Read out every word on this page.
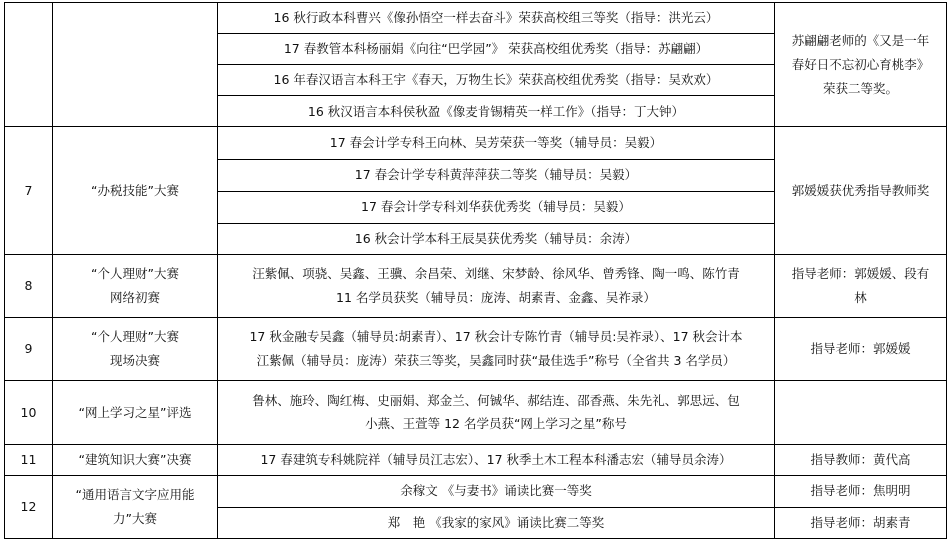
		16 秋行政本科曹兴《像孙悟空一样去奋斗》荣获高校组三等奖（指导：洪光云）	苏翩翩老师的《又是一年
春好日不忘初心育桃李》
荣获二等奖。

		17 春教管本科杨丽娟《向往“巴学园”》 荣获高校组优秀奖（指导：苏翩翩）	
		16 年春汉语言本科王宇《春天，万物生长》荣获高校组优秀奖（指导：吴欢欢）	
		16 秋汉语言本科侯秋盈《像麦肯锡精英一样工作》（指导：丁大钟）	
7	“办税技能”大赛	17 春会计学专科王向林、吴芳荣获一等奖（辅导员：吴毅）	郭媛媛获优秀指导教师奖

		17 春会计学专科黄萍萍获二等奖（辅导员：吴毅）	
		17 春会计学专科刘华获优秀奖（辅导员：吴毅）	
		16 秋会计学本科王辰昊获优秀奖（辅导员：余涛）	
8	“个人理财”大赛
网络初赛	汪紫佩、项骁、吴鑫、王骥、余昌荣、刘继、宋梦龄、徐风华、曾秀锋、陶一鸣、陈竹青
11 名学员获奖（辅导员：庞涛、胡素青、金鑫、吴祚录）	指导老师：郭媛媛、段有
林

9	“个人理财”大赛
现场决赛	17 秋金融专吴鑫（辅导员:胡素青）、17 秋会计专陈竹青（辅导员:吴祚录）、17 秋会计本
江紫佩（辅导员：庞涛）荣获三等奖，吴鑫同时获“最佳选手”称号（全省共 3 名学员）	指导老师：郭媛媛

10	“网上学习之星”评选	鲁林、施玲、陶红梅、史丽娟、郑金兰、何铖华、郝结连、邵香燕、朱先礼、郭思远、包
小燕、王萱等 12 名学员获“网上学习之星”称号	

11	“建筑知识大赛”决赛	17 春建筑专科姚院祥（辅导员江志宏）、17 秋季土木工程本科潘志宏（辅导员余涛）	指导教师：黄代高

12	“通用语言文字应用能
力”大赛	余稼文 《与妻书》诵读比赛一等奖	指导老师：焦明明
		郑　艳 《我家的家风》诵读比赛二等奖	指导老师：胡素青
